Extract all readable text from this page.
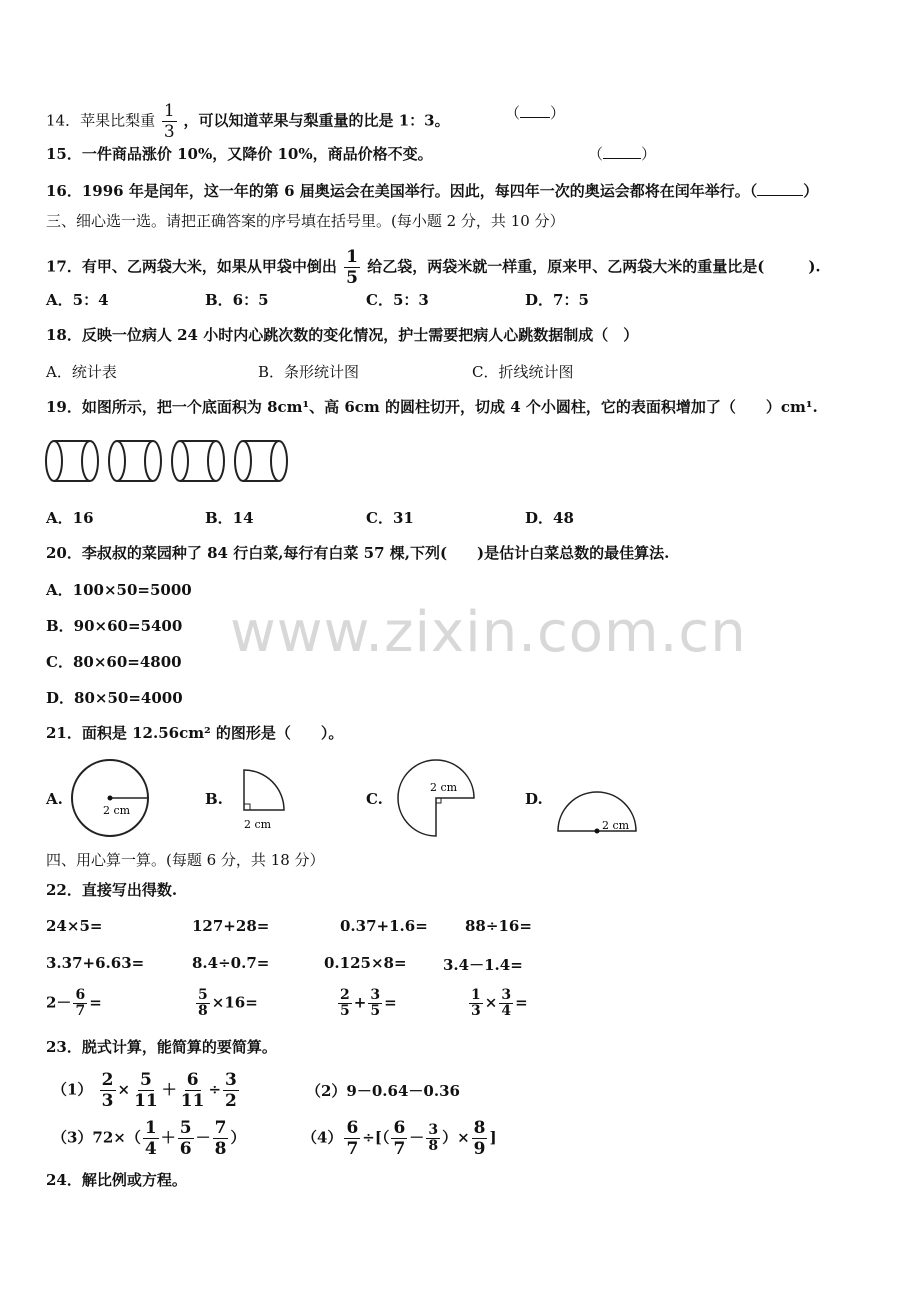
www.zixin.com.cn
14．苹果比梨重 $\frac{1}{3}$ ，可以知道苹果与梨重量的比是 1：3。	（ ）
15．一件商品涨价 10%，又降价 10%，商品价格不变。	（	）
16．1996 年是闰年，这一年的第 6 届奥运会在美国举行。因此，每四年一次的奥运会都将在闰年举行。（	）
三、细心选一选。请把正确答案的序号填在括号里。(每小题 2 分，共 10 分）
17．有甲、乙两袋大米，如果从甲袋中倒出 $\frac{1}{5}$ 给乙袋，两袋米就一样重，原来甲、乙两袋大米的重量比是(	).
A．5：4	B．6：5	C．5：3	D．7：5
18．反映一位病人 24 小时内心跳次数的变化情况，护士需要把病人心跳数据制成（　）
A．统计表	B．条形统计图	C．折线统计图
19．如图所示，把一个底面积为 8cm¹、高 6cm 的圆柱切开，切成 4 个小圆柱，它的表面积增加了（　　）cm¹.
A．16	B．14	C．31	D．48
20．李叔叔的菜园种了 84 行白菜,每行有白菜 57 棵,下列(　　)是估计白菜总数的最佳算法.
A．100×50=5000
B．90×60=5400
C．80×60=4800
D．80×50=4000
21．面积是 12.56cm² 的图形是（　　）。
A.
2 cm
B.
2 cm
C.
2 cm
D.
2 cm
四、用心算一算。(每题 6 分，共 18 分）
22．直接写出得数.
24×5=	127+28=	0.37+1.6= 88÷16=
3.37+6.63=	8.4÷0.7=	0.125×8= 3.4－1.4=
$2- \frac{6}{7}$ =	$\frac{5}{8} \times 16=$	$\frac{2}{5} + \frac{3}{5}$ =	$\frac{1}{3} \times \frac{3}{4}$ =
23．脱式计算，能简算的要简算。
$(1) \frac{2}{3} \times \frac{5}{11} + \frac{6}{11} \div \frac{3}{2}$	（2）9－0.64－0.36
$(3)72\times( \frac{1}{4} + \frac{5}{6} - \frac{7}{8}$ ）	$(4) \frac{6}{7}$ ÷[（ $\frac{6}{7} - \frac{3}{8}$ ）× $\frac{8}{9}$ ]
24．解比例或方程。
